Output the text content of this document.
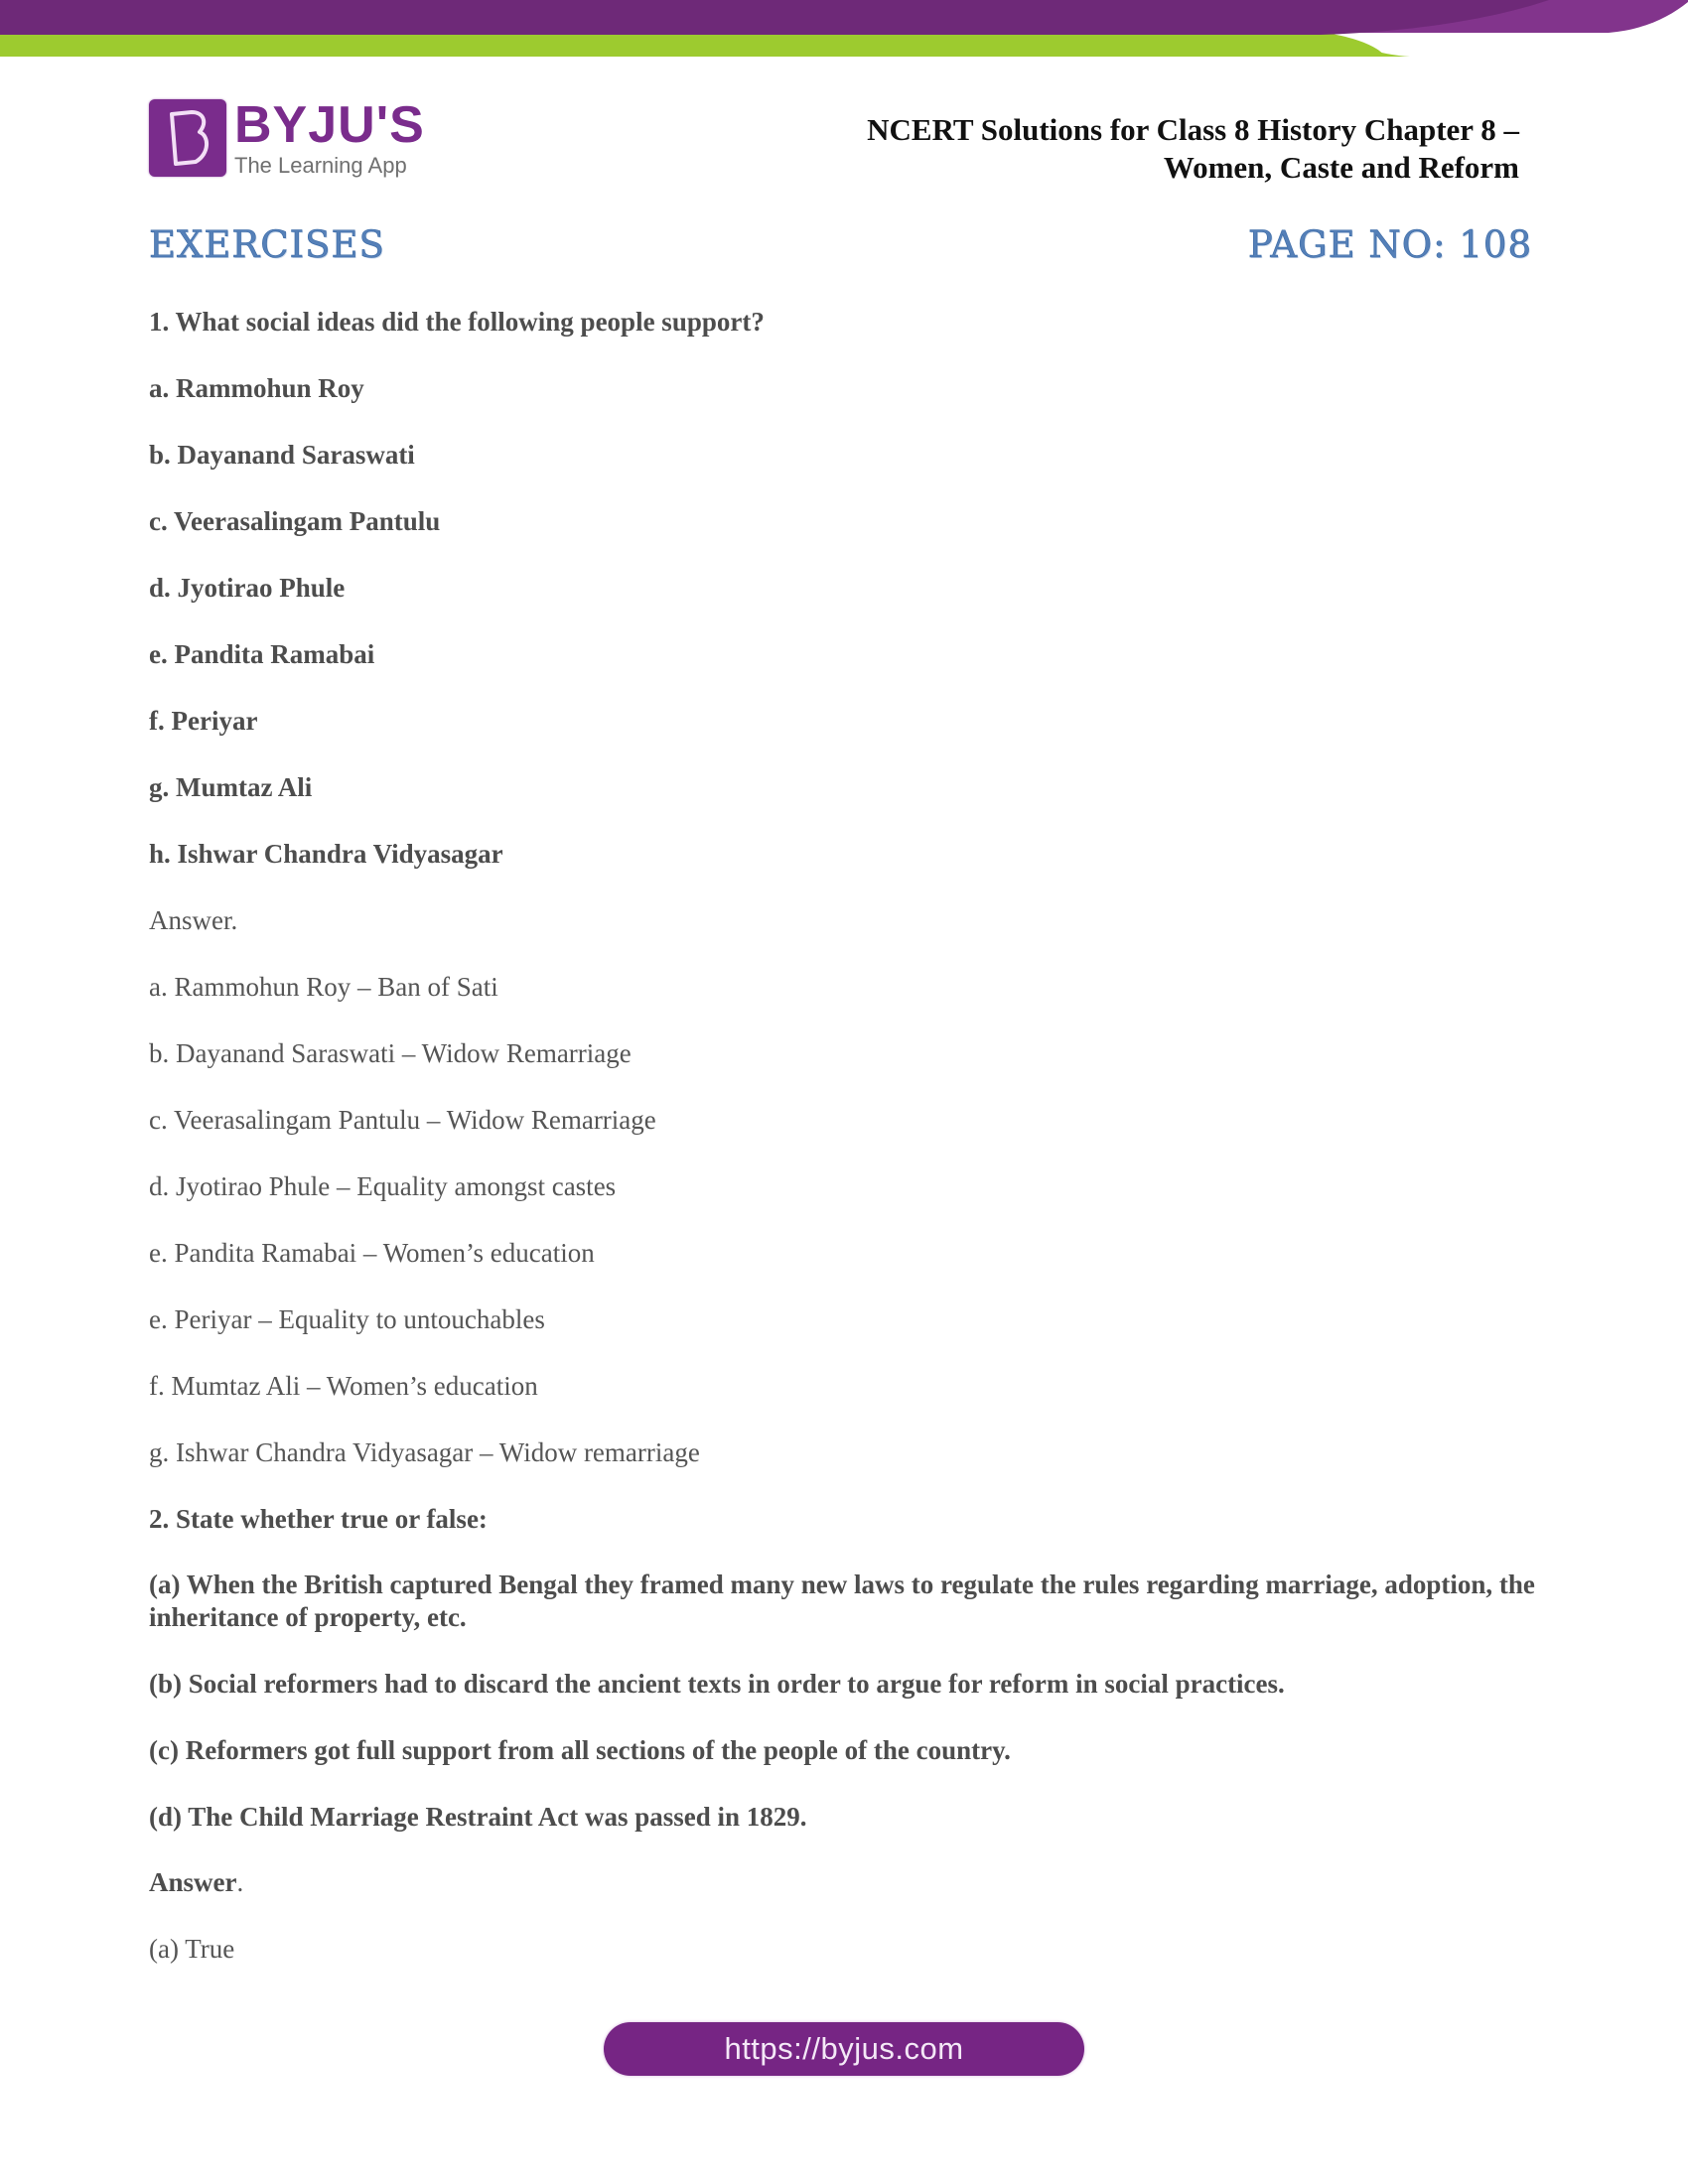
BYJU'S
The Learning App
NCERT Solutions for Class 8 History Chapter 8 –
Women, Caste and Reform
EXERCISES	PAGE NO: 108
1. What social ideas did the following people support?
a. Rammohun Roy
b. Dayanand Saraswati
c. Veerasalingam Pantulu
d. Jyotirao Phule
e. Pandita Ramabai
f. Periyar
g. Mumtaz Ali
h. Ishwar Chandra Vidyasagar
Answer.
a. Rammohun Roy – Ban of Sati
b. Dayanand Saraswati – Widow Remarriage
c. Veerasalingam Pantulu – Widow Remarriage
d. Jyotirao Phule – Equality amongst castes
e. Pandita Ramabai – Women’s education
e. Periyar – Equality to untouchables
f. Mumtaz Ali – Women’s education
g. Ishwar Chandra Vidyasagar – Widow remarriage
2. State whether true or false:
(a) When the British captured Bengal they framed many new laws to regulate the rules regarding marriage, adoption, the inheritance of property, etc.
(b) Social reformers had to discard the ancient texts in order to argue for reform in social practices.
(c) Reformers got full support from all sections of the people of the country.
(d) The Child Marriage Restraint Act was passed in 1829.
Answer.
(a) True
https://byjus.com
